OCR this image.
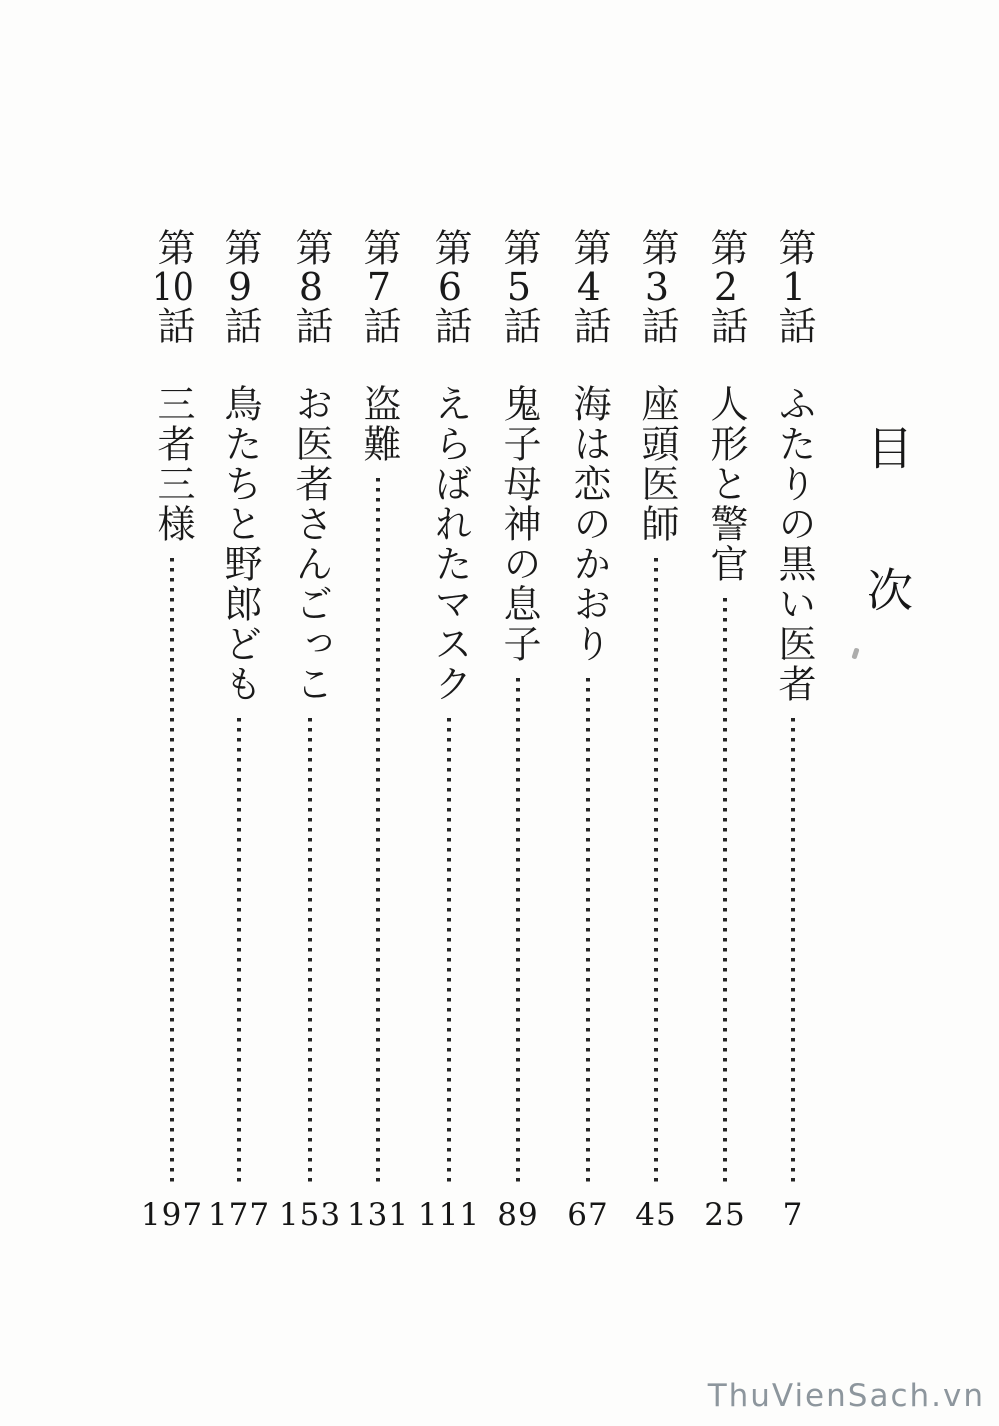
目次
第1話
ふたりの黒い医者
7
第2話
人形と警官
25
第3話
座頭医師
45
第4話
海は恋のかおり
67
第5話
鬼子母神の息子
89
第6話
えらばれたマスク
111
第7話
盗難
131
第8話
お医者さんごっこ
153
第9話
鳥たちと野郎ども
177
第10話
三者三様
197
ThuVienSach.vn
